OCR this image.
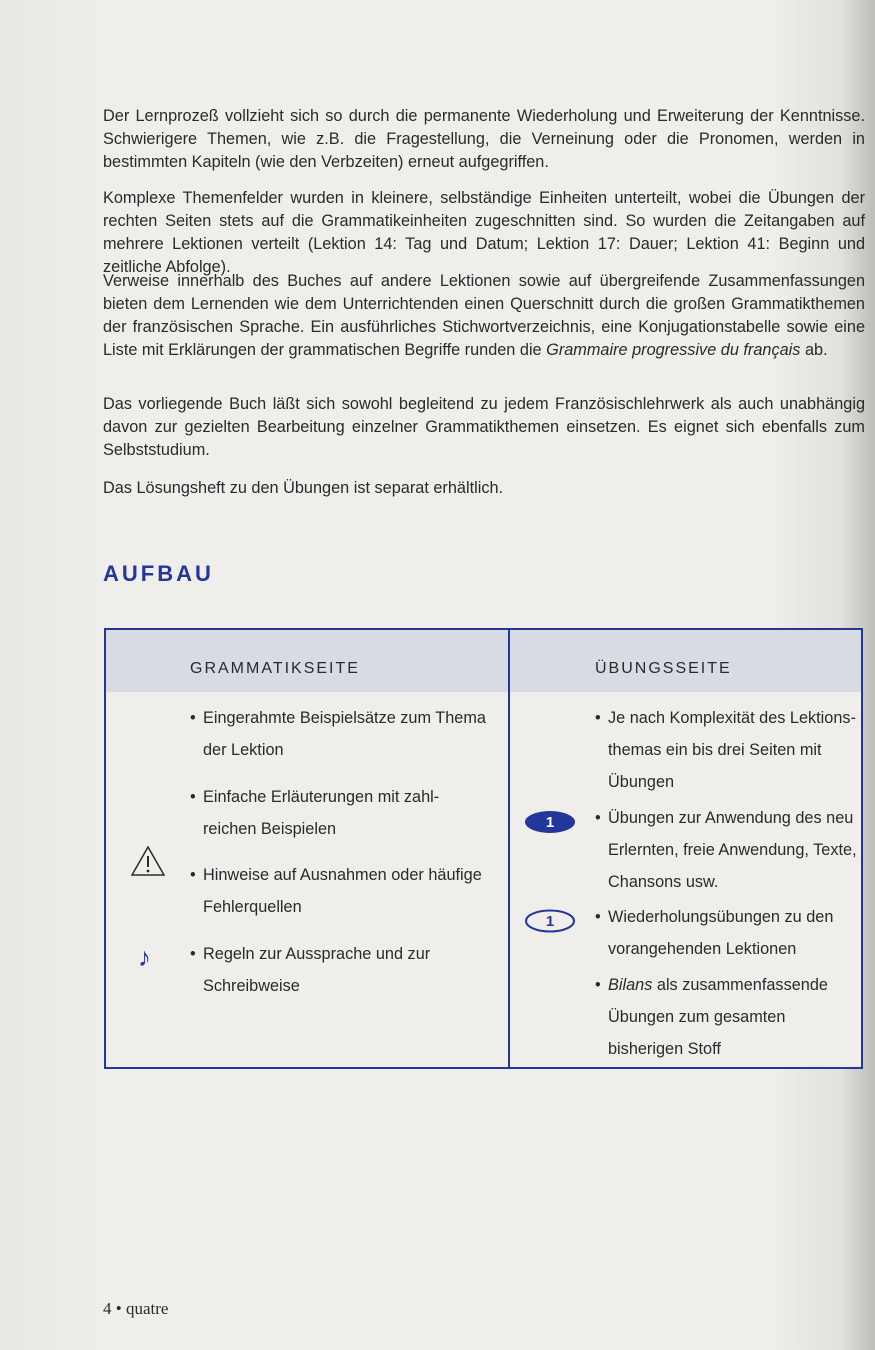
Der Lernprozeß vollzieht sich so durch die permanente Wiederholung und Erweiterung der Kenntnisse. Schwierigere Themen, wie z.B. die Fragestellung, die Verneinung oder die Pronomen, werden in bestimmten Kapiteln (wie den Verbzeiten) erneut aufgegriffen.

Komplexe Themenfelder wurden in kleinere, selbständige Einheiten unterteilt, wobei die Übungen der rechten Seiten stets auf die Grammatikeinheiten zugeschnitten sind. So wurden die Zeitangaben auf mehrere Lektionen verteilt (Lektion 14: Tag und Datum; Lektion 17: Dauer; Lektion 41: Beginn und zeitliche Abfolge).

Verweise innerhalb des Buches auf andere Lektionen sowie auf übergreifende Zusammenfassungen bieten dem Lernenden wie dem Unterrichtenden einen Querschnitt durch die großen Grammatikthemen der französischen Sprache. Ein ausführliches Stichwortverzeichnis, eine Konjugationstabelle sowie eine Liste mit Erklärungen der grammatischen Begriffe runden die Grammaire progressive du français ab.

Das vorliegende Buch läßt sich sowohl begleitend zu jedem Französischlehrwerk als auch unabhängig davon zur gezielten Bearbeitung einzelner Grammatikthemen einsetzen. Es eignet sich ebenfalls zum Selbststudium.

Das Lösungsheft zu den Übungen ist separat erhältlich.

AUFBAU
GRAMMATIKSEITE	ÜBUNGSSEITE
• Eingerahmte Beispielsätze zum Thema der Lektion
• Einfache Erläuterungen mit zahl-reichen Beispielen
• Hinweise auf Ausnahmen oder häufige Fehlerquellen
• Regeln zur Aussprache und zur Schreibweise
♪
• Je nach Komplexität des Lektions-themas ein bis drei Seiten mit Übungen
• Übungen zur Anwendung des neu Erlernten, freie Anwendung, Texte, Chansons usw.
• Wiederholungsübungen zu den vorangehenden Lektionen
• Bilans als zusammenfassende Übungen zum gesamten bisherigen Stoff
1
1
4 • quatre
